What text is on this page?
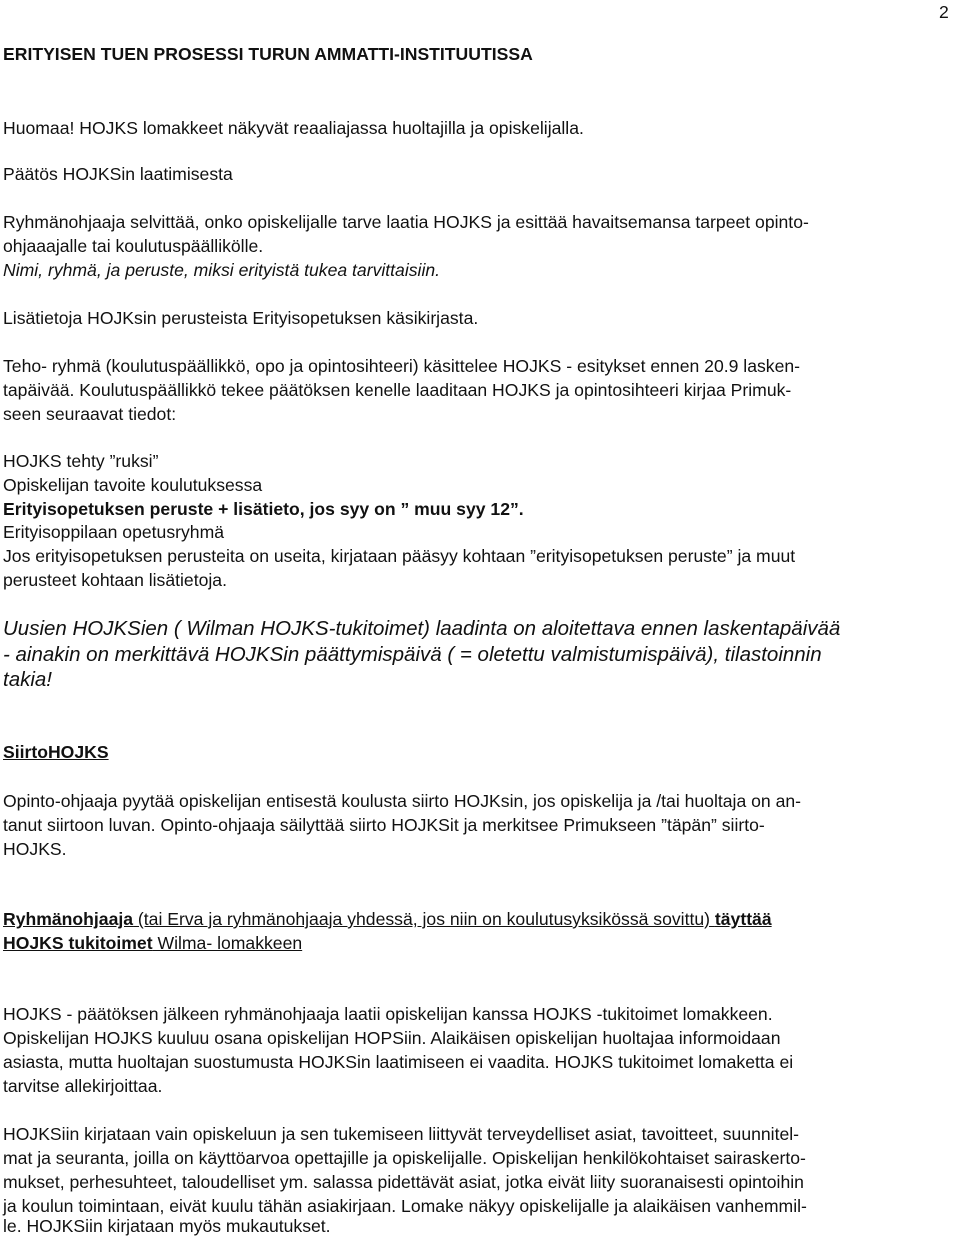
2
ERITYISEN TUEN PROSESSI TURUN AMMATTI-INSTITUUTISSA
Huomaa! HOJKS lomakkeet näkyvät reaaliajassa huoltajilla ja opiskelijalla.
Päätös HOJKSin laatimisesta
Ryhmänohjaaja selvittää, onko opiskelijalle tarve laatia HOJKS ja esittää havaitsemansa tarpeet opinto-
ohjaaajalle tai koulutuspäällikölle.
Nimi, ryhmä, ja peruste, miksi erityistä tukea tarvittaisiin.
Lisätietoja HOJKsin perusteista Erityisopetuksen käsikirjasta.
Teho- ryhmä (koulutuspäällikkö, opo ja opintosihteeri) käsittelee HOJKS - esitykset ennen 20.9 lasken-
tapäivää. Koulutuspäällikkö tekee päätöksen kenelle laaditaan HOJKS ja opintosihteeri kirjaa Primuk-
seen seuraavat tiedot:
HOJKS tehty ”ruksi”
Opiskelijan tavoite koulutuksessa
Erityisopetuksen peruste + lisätieto, jos syy on ” muu syy 12”.
Erityisoppilaan opetusryhmä
Jos erityisopetuksen perusteita on useita, kirjataan pääsyy kohtaan ”erityisopetuksen peruste” ja muut
perusteet kohtaan lisätietoja.
Uusien HOJKSien ( Wilman HOJKS-tukitoimet) laadinta on aloitettava ennen laskentapäivää
- ainakin on merkittävä HOJKSin päättymispäivä ( = oletettu valmistumispäivä), tilastoinnin
takia!
SiirtoHOJKS
Opinto-ohjaaja pyytää opiskelijan entisestä koulusta siirto HOJKsin, jos opiskelija ja /tai huoltaja on an-
tanut siirtoon luvan. Opinto-ohjaaja säilyttää siirto HOJKSit ja merkitsee Primukseen ”täpän” siirto-
HOJKS.
Ryhmänohjaaja (tai Erva ja ryhmänohjaaja yhdessä, jos niin on koulutusyksikössä sovittu) täyttää
HOJKS tukitoimet Wilma- lomakkeen
HOJKS - päätöksen jälkeen ryhmänohjaaja laatii opiskelijan kanssa HOJKS -tukitoimet lomakkeen.
Opiskelijan HOJKS kuuluu osana opiskelijan HOPSiin. Alaikäisen opiskelijan huoltajaa informoidaan
asiasta, mutta huoltajan suostumusta HOJKSin laatimiseen ei vaadita. HOJKS tukitoimet lomaketta ei
tarvitse allekirjoittaa.
HOJKSiin kirjataan vain opiskeluun ja sen tukemiseen liittyvät terveydelliset asiat, tavoitteet, suunnitel-
mat ja seuranta, joilla on käyttöarvoa opettajille ja opiskelijalle. Opiskelijan henkilökohtaiset sairaskerto-
mukset, perhesuhteet, taloudelliset ym. salassa pidettävät asiat, jotka eivät liity suoranaisesti opintoihin
ja koulun toimintaan, eivät kuulu tähän asiakirjaan. Lomake näkyy opiskelijalle ja alaikäisen vanhemmil-
le. HOJKSiin kirjataan myös mukautukset.
